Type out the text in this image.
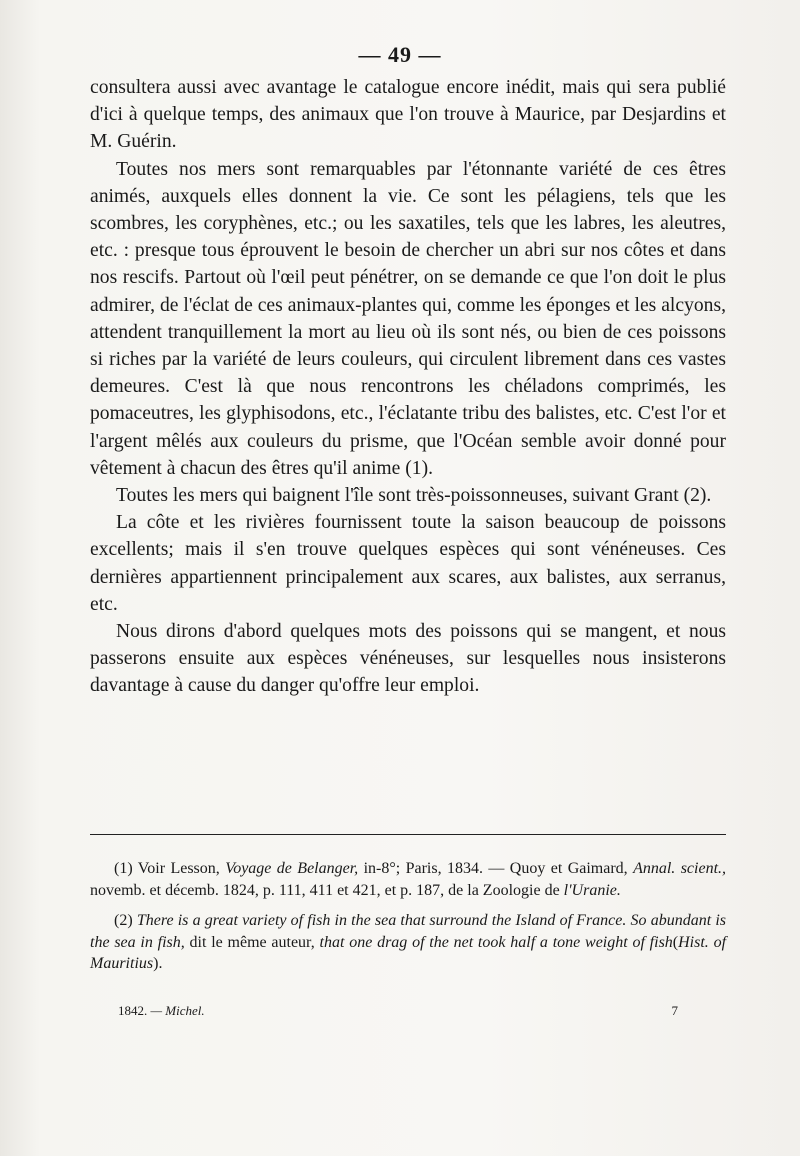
— 49 —

consultera aussi avec avantage le catalogue encore inédit, mais qui sera publié d'ici à quelque temps, des animaux que l'on trouve à Maurice, par Desjardins et M. Guérin.

Toutes nos mers sont remarquables par l'étonnante variété de ces êtres animés, auxquels elles donnent la vie. Ce sont les pélagiens, tels que les scombres, les coryphènes, etc.; ou les saxatiles, tels que les labres, les aleutres, etc. : presque tous éprouvent le besoin de chercher un abri sur nos côtes et dans nos rescifs. Partout où l'œil peut pénétrer, on se demande ce que l'on doit le plus admirer, de l'éclat de ces animaux-plantes qui, comme les éponges et les alcyons, attendent tranquillement la mort au lieu où ils sont nés, ou bien de ces poissons si riches par la variété de leurs couleurs, qui circulent librement dans ces vastes demeures. C'est là que nous rencontrons les chéladons comprimés, les pomaceutres, les glyphisodons, etc., l'éclatante tribu des balistes, etc. C'est l'or et l'argent mêlés aux couleurs du prisme, que l'Océan semble avoir donné pour vêtement à chacun des êtres qu'il anime (1).

Toutes les mers qui baignent l'île sont très-poissonneuses, suivant Grant (2).

La côte et les rivières fournissent toute la saison beaucoup de poissons excellents; mais il s'en trouve quelques espèces qui sont vénéneuses. Ces dernières appartiennent principalement aux scares, aux balistes, aux serranus, etc.

Nous dirons d'abord quelques mots des poissons qui se mangent, et nous passerons ensuite aux espèces vénéneuses, sur lesquelles nous insisterons davantage à cause du danger qu'offre leur emploi.

(1) Voir Lesson, Voyage de Belanger, in-8°; Paris, 1834. — Quoy et Gaimard, Annal. scient., novemb. et décemb. 1824, p. 111, 411 et 421, et p. 187, de la Zoologie de l'Uranie.

(2) There is a great variety of fish in the sea that surround the Island of France. So abundant is the sea in fish, dit le même auteur, that one drag of the net took half a tone weight of fish(Hist. of Mauritius).

1842. — Michel.	7
